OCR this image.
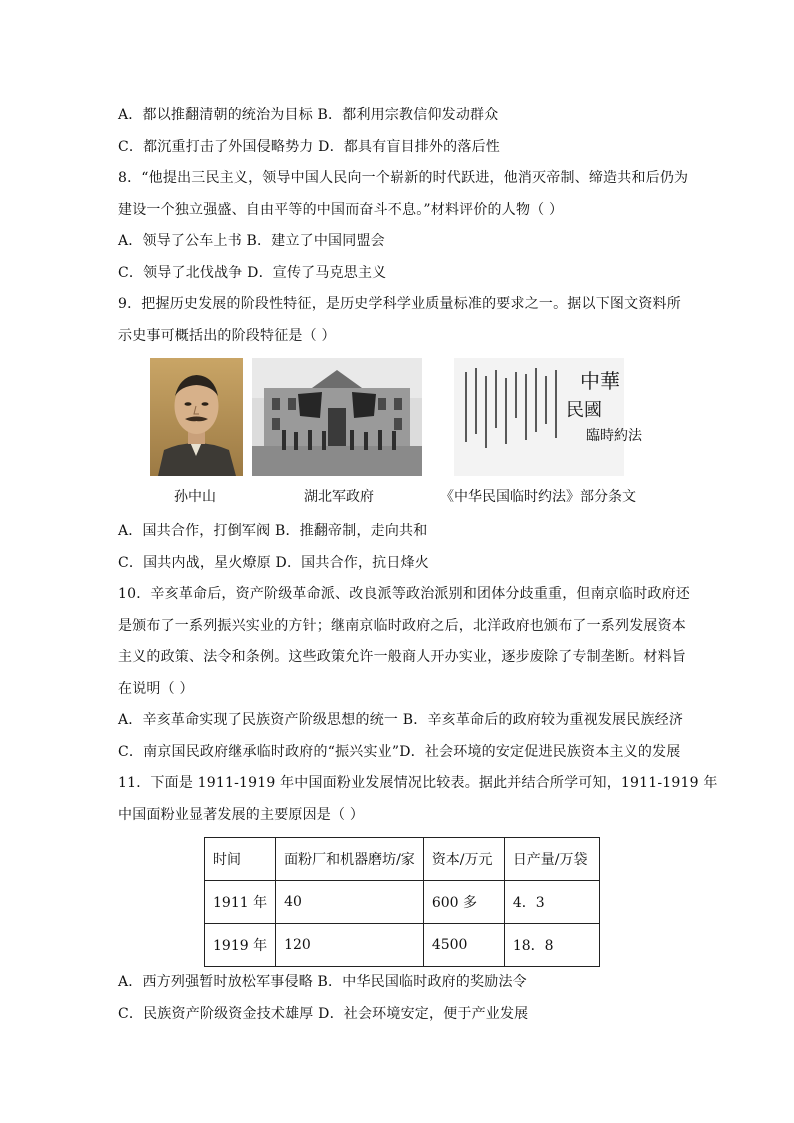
A．都以推翻清朝的统治为目标 B．都利用宗教信仰发动群众
C．都沉重打击了外国侵略势力 D．都具有盲目排外的落后性
8．“他提出三民主义，领导中国人民向一个崭新的时代跃进，他消灭帝制、缔造共和后仍为
建设一个独立强盛、自由平等的中国而奋斗不息。”材料评价的人物（ ）
A．领导了公车上书 B．建立了中国同盟会
C．领导了北伐战争 D．宣传了马克思主义
9．把握历史发展的阶段性特征，是历史学科学业质量标准的要求之一。据以下图文资料所
示史事可概括出的阶段特征是（ ）
中華
民國
臨時約法
孙中山	湖北军政府	《中华民国临时约法》部分条文
A．国共合作，打倒军阀 B．推翻帝制，走向共和
C．国共内战，星火燎原 D．国共合作，抗日烽火
10．辛亥革命后，资产阶级革命派、改良派等政治派别和团体分歧重重，但南京临时政府还
是颁布了一系列振兴实业的方针；继南京临时政府之后，北洋政府也颁布了一系列发展资本
主义的政策、法令和条例。这些政策允许一般商人开办实业，逐步废除了专制垄断。材料旨
在说明（ ）
A．辛亥革命实现了民族资产阶级思想的统一 B．辛亥革命后的政府较为重视发展民族经济
C．南京国民政府继承临时政府的“振兴实业”D．社会环境的安定促进民族资本主义的发展
11．下面是 1911-1919 年中国面粉业发展情况比较表。据此并结合所学可知，1911-1919 年
中国面粉业显著发展的主要原因是（ ）
时间	面粉厂和机器磨坊/家	资本/万元	日产量/万袋
1911 年	40	600 多	4．3
1919 年	120	4500	18．8
A．西方列强暂时放松军事侵略 B．中华民国临时政府的奖励法令
C．民族资产阶级资金技术雄厚 D．社会环境安定，便于产业发展
